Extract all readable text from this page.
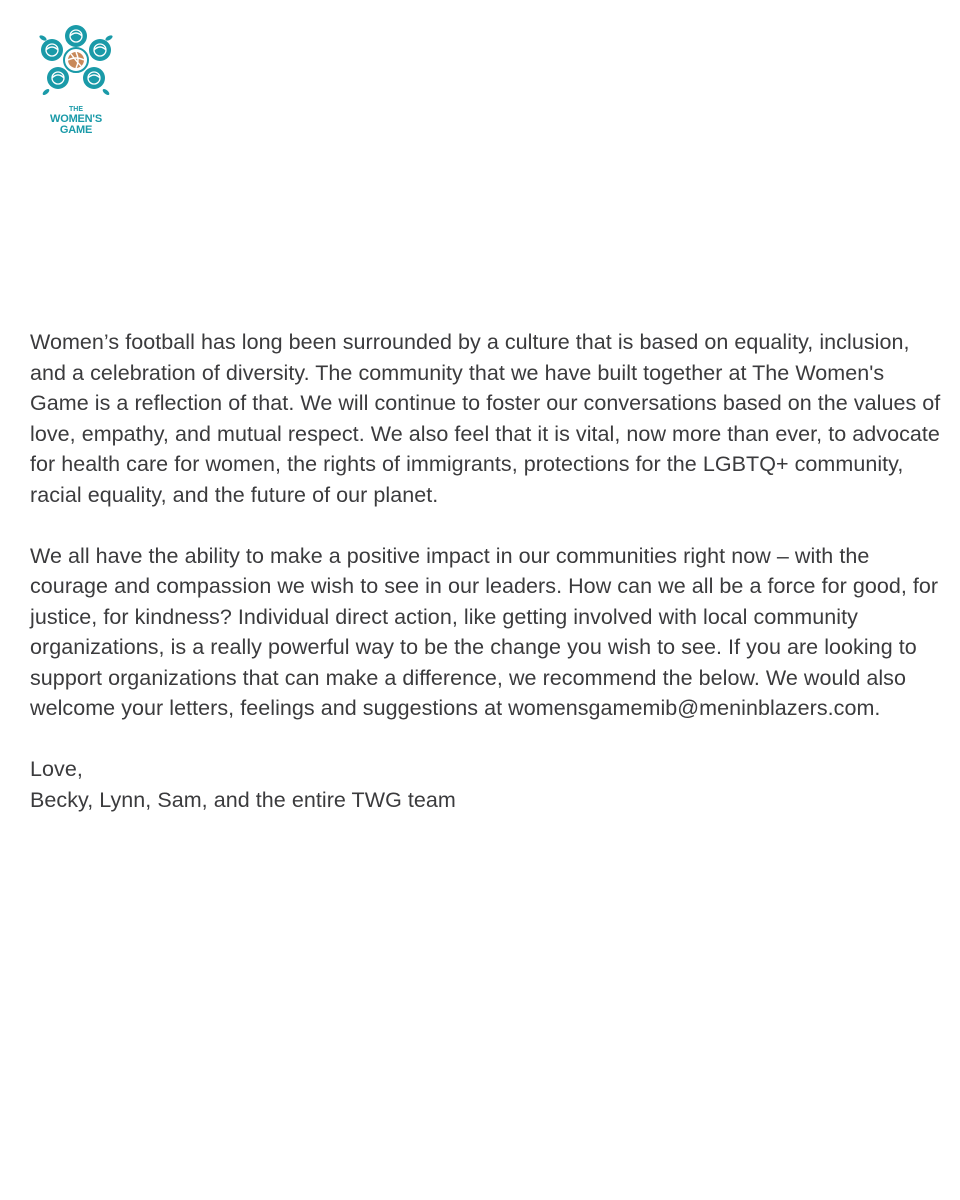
THE
WOMEN'S
GAME

Women’s football has long been surrounded by a culture that is based on equality, inclusion, and a celebration of diversity. The community that we have built together at The Women's Game is a reflection of that. We will continue to foster our conversations based on the values of love, empathy, and mutual respect. We also feel that it is vital, now more than ever, to advocate for health care for women, the rights of immigrants, protections for the LGBTQ+ community, racial equality, and the future of our planet.

We all have the ability to make a positive impact in our communities right now – with the courage and compassion we wish to see in our leaders. How can we all be a force for good, for justice, for kindness? Individual direct action, like getting involved with local community organizations, is a really powerful way to be the change you wish to see. If you are looking to support organizations that can make a difference, we recommend the below. We would also welcome your letters, feelings and suggestions at womensgamemib@meninblazers.com.

Love,

Becky, Lynn, Sam, and the entire TWG team
